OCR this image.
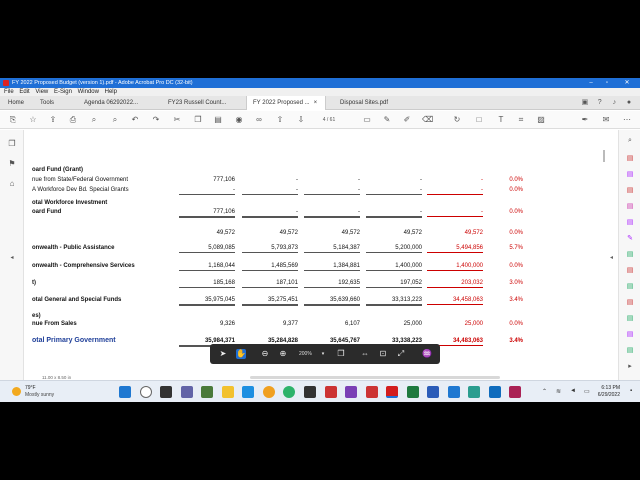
FY 2022 Proposed Budget (version 1).pdf - Adobe Acrobat Pro DC (32-bit)	–	▫	✕
File Edit View E-Sign Window Help
Home	Tools	Agenda 06292022...	FY23 Russell Count...	FY 2022 Proposed ... ×	Disposal Sites.pdf	▣ ? ♪ ●
⎘ ☆ ⇪ ⎙	⌕	⌕	↶ ↷ ✂ ❐ ▤ ◉ ∞ ⇧ ⇩	4 / 61	▭ ✎ ✐ ⌫	↻	□	T	⌗	▨	✒ ✉ ⋯
❐
⚑
⌂
◂
oard Fund (Grant)
nue from State/Federal Government	777,106	-	-	-	-	0.0%
A Workforce Dev Bd. Special Grants	-	-	-	-	-	0.0%
otal Workforce Investment
oard Fund	777,106	-	-	-	-	0.0%
49,572	49,572	49,572	49,572	49,572	0.0%
onwealth - Public Assistance	5,089,085	5,793,873	5,184,387	5,200,000	5,494,856	5.7%
onwealth - Comprehensive Services	1,168,044	1,485,569	1,384,881	1,400,000	1,400,000	0.0%
t)	185,168	187,101	192,635	197,052	203,032	3.0%
otal General and Special Funds	35,975,045	35,275,451	35,639,660	33,313,223	34,458,063	3.4%
es)
nue From Sales	9,326	9,377	6,107	25,000	25,000	0.0%
otal Primary Government	35,984,371	35,284,828	35,645,767	33,338,223	34,483,063	3.4%
⌕
▤
▤
▤
▤
▤
✎
▤
▤
▤
▤
▤
▤
▤
▸
◂
➤ ✋ ⊖ ⊕	200%	▾	❐ ⇔ ⊡ ⤢ ♒
11.00 x 8.50 in
79°F
Mostly sunny	⌃ ≋ ◄ ▭
6:13 PM
6/29/2022
▪
